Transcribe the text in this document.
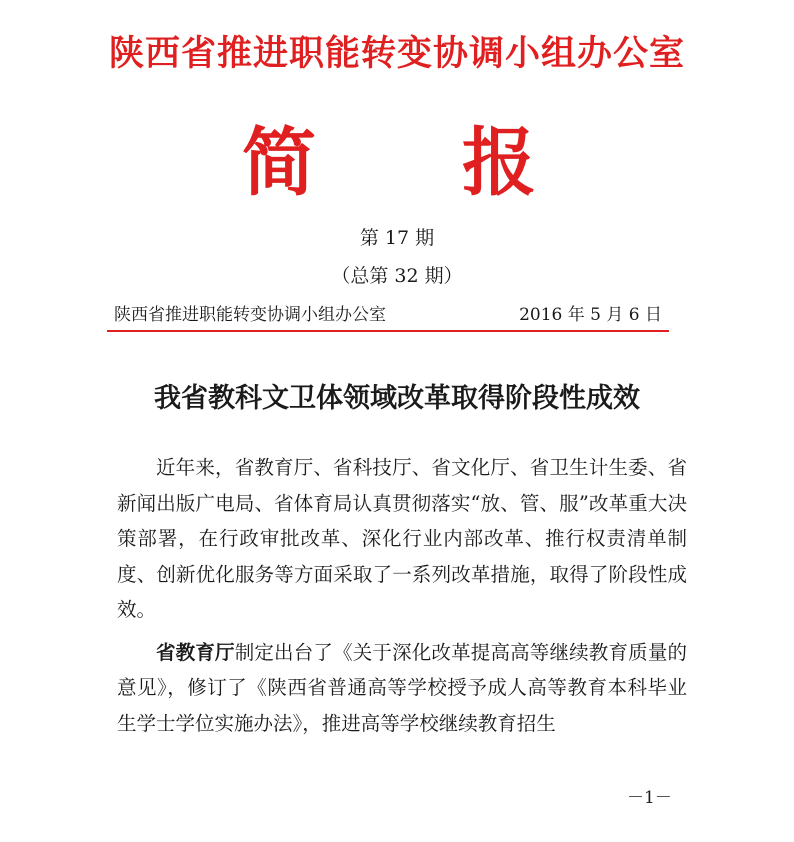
陕西省推进职能转变协调小组办公室
简 报
第 17 期
（总第 32 期）
陕西省推进职能转变协调小组办公室	2016 年 5 月 6 日
我省教科文卫体领域改革取得阶段性成效

近年来，省教育厅、省科技厅、省文化厅、省卫生计生委、省新闻出版广电局、省体育局认真贯彻落实“放、管、服”改革重大决策部署，在行政审批改革、深化行业内部改革、推行权责清单制度、创新优化服务等方面采取了一系列改革措施，取得了阶段性成效。

省教育厅制定出台了《关于深化改革提高高等继续教育质量的意见》，修订了《陕西省普通高等学校授予成人高等教育本科毕业生学士学位实施办法》，推进高等学校继续教育招生

－1－
